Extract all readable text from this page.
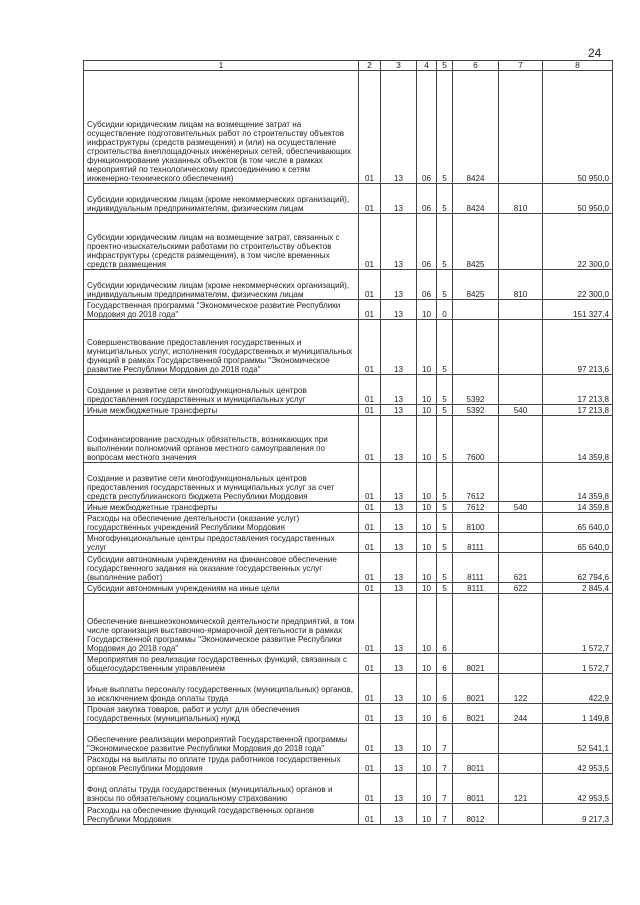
24
1	2	3	4	5	6	7	8
Субсидии юридическим лицам на возмещение затрат на осуществление подготовительных работ по строительству объектов инфраструктуры (средств размещения) и (или) на осуществление строительства внеплощадочных инженерных сетей, обеспечивающих функционирование указанных объектов (в том числе в рамках мероприятий по технологическому присоединению к сетям инженерно-технического обеспечения)	01	13	06	5	8424		50 950,0
Субсидии юридическим лицам (кроме некоммерческих организаций), индивидуальным предпринимателям, физическим лицам	01	13	06	5	8424	810	50 950,0
Субсидии юридическим лицам на возмещение затрат, связанных с проектно-изыскательскими работами по строительству объектов инфраструктуры (средств размещения), в том числе временных средств размещения	01	13	06	5	8425		22 300,0
Субсидии юридическим лицам (кроме некоммерческих организаций), индивидуальным предпринимателям, физическим лицам	01	13	06	5	8425	810	22 300,0
Государственная программа "Экономическое развитие Республики Мордовия до 2018 года"	01	13	10	0			151 327,4
Совершенствование предоставления государственных и муниципальных услуг, исполнения государственных и муниципальных функций в рамках Государственной программы "Экономическое развитие Республики Мордовия до 2018 года"	01	13	10	5			97 213,6
Создание и развитие сети многофункциональных центров предоставления государственных и муниципальных услуг	01	13	10	5	5392		17 213,8
Иные межбюджетные трансферты	01	13	10	5	5392	540	17 213,8
Софинансирование расходных обязательств, возникающих при выполнении полномочий органов местного самоуправления по вопросам местного значения	01	13	10	5	7600		14 359,8
Создание и развитие сети многофункциональных центров предоставления государственных и муниципальных услуг за счет средств республиканского бюджета Республики Мордовия	01	13	10	5	7612		14 359,8
Иные межбюджетные трансферты	01	13	10	5	7612	540	14 359,8
Расходы на обеспечение деятельности (оказание услуг) государственных учреждений Республики Мордовия	01	13	10	5	8100		65 640,0
Многофункциональные центры предоставления государственных услуг	01	13	10	5	8111		65 640,0
Субсидии автономным учреждениям на финансовое обеспечение государственного задания на оказание государственных услуг (выполнение работ)	01	13	10	5	8111	621	62 794,6
Субсидии автономным учреждениям на иные цели	01	13	10	5	8111	622	2 845,4
Обеспечение внешнеэкономической деятельности предприятий, в том числе организация выставочно-ярмарочной деятельности в рамках Государственной программы "Экономическое развитие Республики Мордовия до 2018 года"	01	13	10	6			1 572,7
Мероприятия по реализации государственных функций, связанных с общегосударственным управлением	01	13	10	6	8021		1 572,7
Иные выплаты персоналу государственных (муниципальных) органов, за исключением фонда оплаты труда	01	13	10	6	8021	122	422,9
Прочая закупка товаров, работ и услуг для обеспечения государственных (муниципальных) нужд	01	13	10	6	8021	244	1 149,8
Обеспечение реализации мероприятий Государственной программы "Экономическое развитие Республики Мордовия до 2018 года"	01	13	10	7			52 541,1
Расходы на выплаты по оплате труда работников государственных органов Республики Мордовия	01	13	10	7	8011		42 953,5
Фонд оплаты труда государственных (муниципальных) органов и взносы по обязательному социальному страхованию	01	13	10	7	8011	121	42 953,5
Расходы на обеспечение функций государственных органов Республики Мордовия	01	13	10	7	8012		9 217,3
